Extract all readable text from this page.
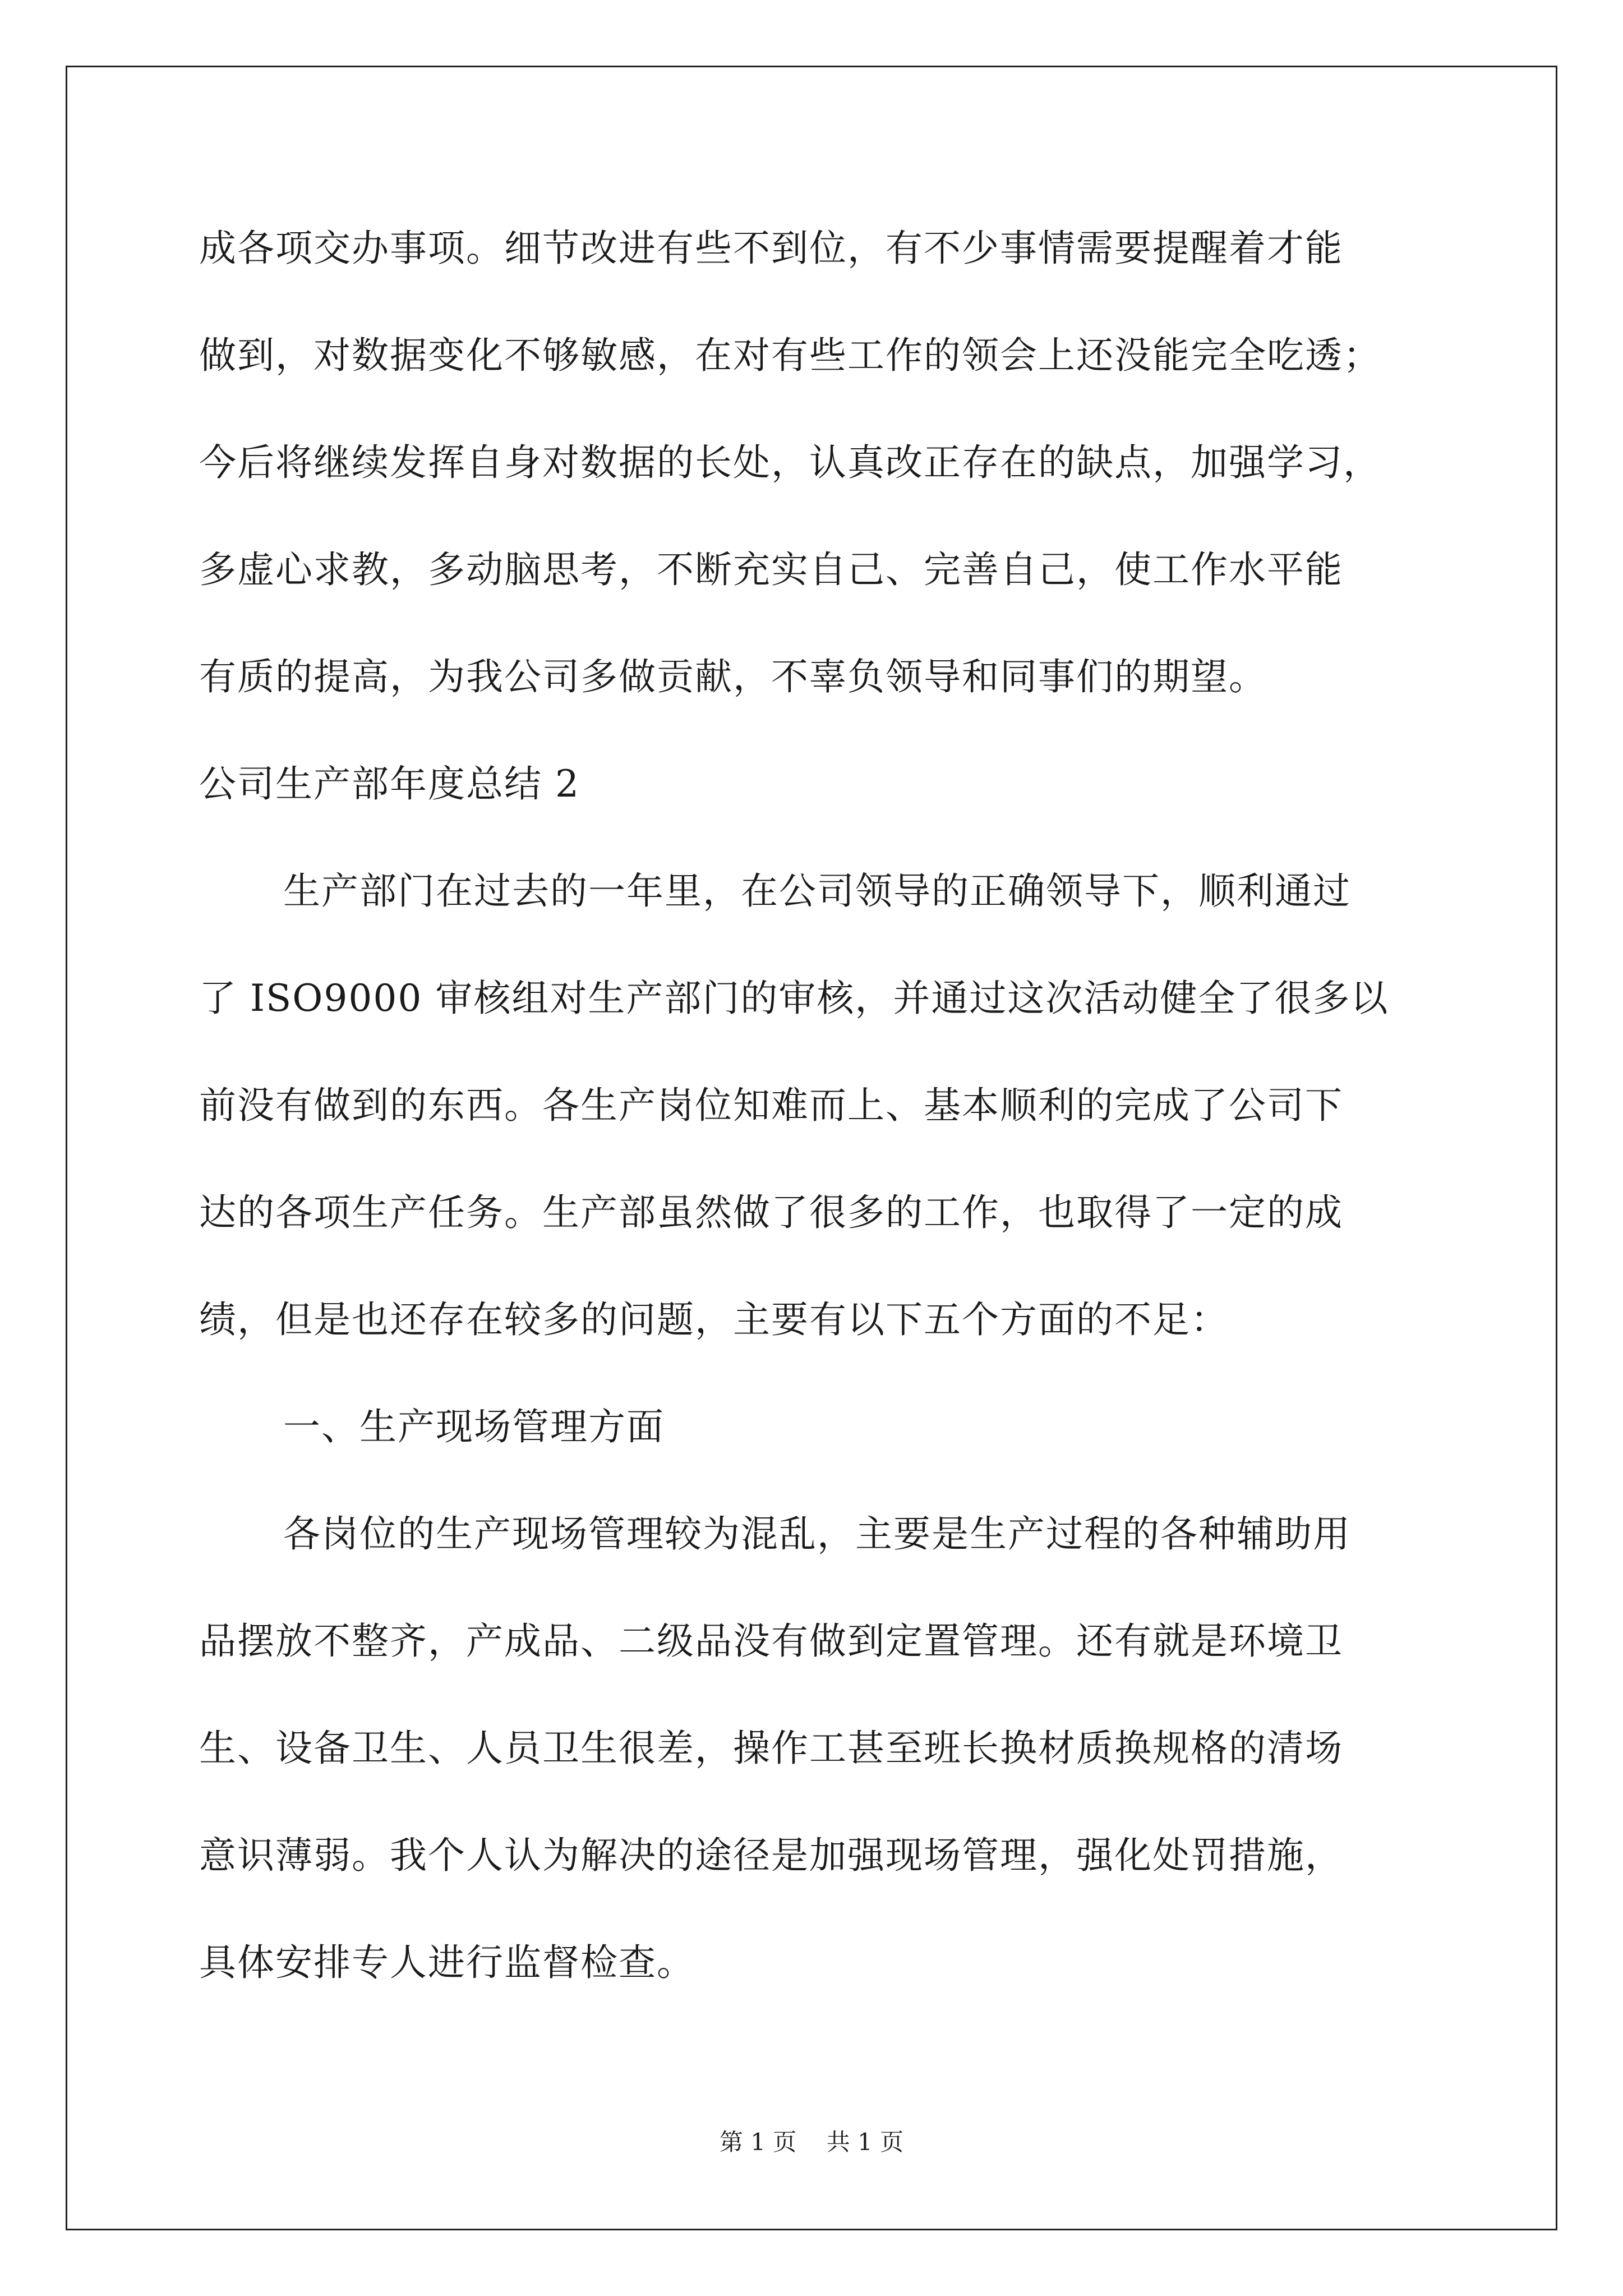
成各项交办事项。细节改进有些不到位，有不少事情需要提醒着才能
做到，对数据变化不够敏感，在对有些工作的领会上还没能完全吃透；
今后将继续发挥自身对数据的长处，认真改正存在的缺点，加强学习，
多虚心求教，多动脑思考，不断充实自己、完善自己，使工作水平能
有质的提高，为我公司多做贡献，不辜负领导和同事们的期望。
公司生产部年度总结 2
生产部门在过去的一年里，在公司领导的正确领导下，顺利通过
了 ISO9000 审核组对生产部门的审核，并通过这次活动健全了很多以
前没有做到的东西。各生产岗位知难而上、基本顺利的完成了公司下
达的各项生产任务。生产部虽然做了很多的工作，也取得了一定的成
绩，但是也还存在较多的问题，主要有以下五个方面的不足：
一、生产现场管理方面
各岗位的生产现场管理较为混乱，主要是生产过程的各种辅助用
品摆放不整齐，产成品、二级品没有做到定置管理。还有就是环境卫
生、设备卫生、人员卫生很差，操作工甚至班长换材质换规格的清场
意识薄弱。我个人认为解决的途径是加强现场管理，强化处罚措施，
具体安排专人进行监督检查。
第 1 页    共 1 页
